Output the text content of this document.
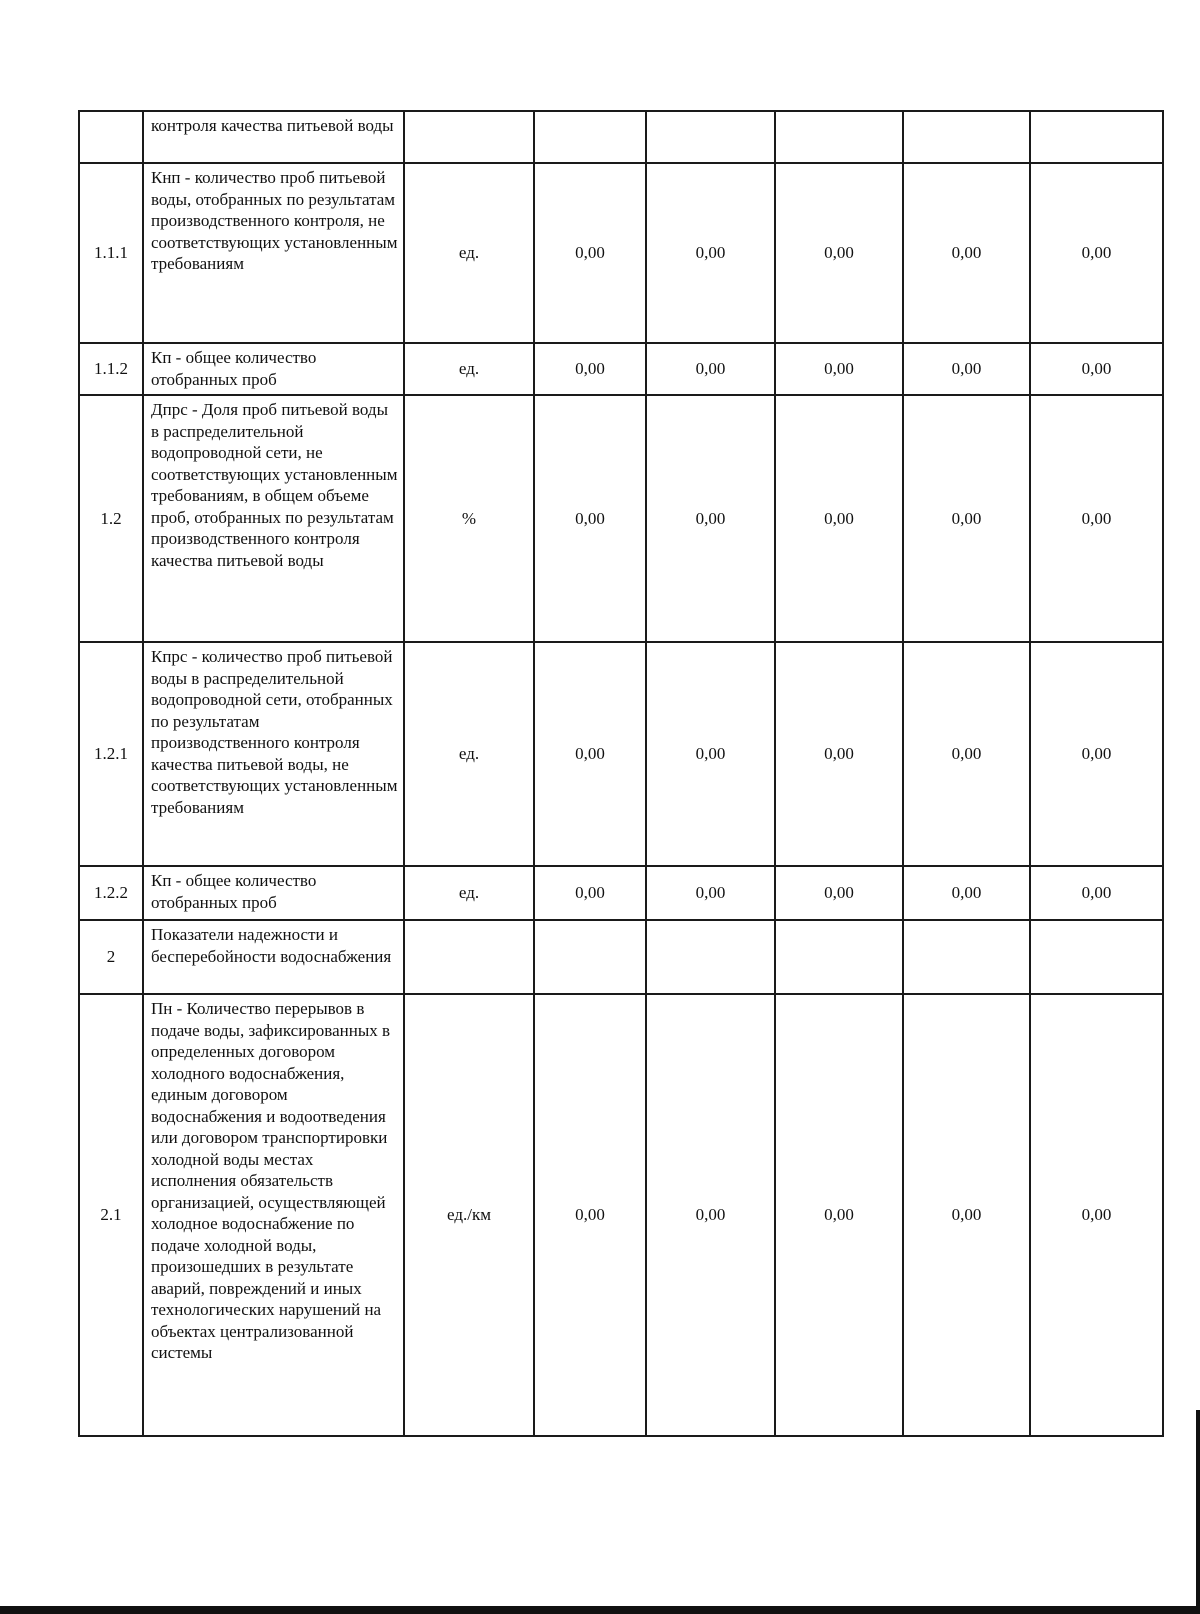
	контроля качества питьевой воды						
1.1.1	Кнп - количество проб питьевой воды, отобранных по результатам производственного контроля, не соответствующих установленным требованиям	ед.	0,00	0,00	0,00	0,00	0,00
1.1.2	Кп - общее количество отобранных проб	ед.	0,00	0,00	0,00	0,00	0,00
1.2	Дпрс - Доля проб питьевой воды в распределительной водопроводной сети, не соответствующих установленным требованиям, в общем объеме проб, отобранных по результатам производственного контроля качества питьевой воды	%	0,00	0,00	0,00	0,00	0,00
1.2.1	Кпрс - количество проб питьевой воды в распределительной водопроводной сети, отобранных по результатам производственного контроля качества питьевой воды, не соответствующих установленным требованиям	ед.	0,00	0,00	0,00	0,00	0,00
1.2.2	Кп - общее количество отобранных проб	ед.	0,00	0,00	0,00	0,00	0,00
2	Показатели надежности и бесперебойности водоснабжения						
2.1	Пн - Количество перерывов в подаче воды, зафиксированных в определенных договором холодного водоснабжения, единым договором водоснабжения и водоотведения или договором транспортировки холодной воды местах исполнения обязательств организацией, осуществляющей холодное водоснабжение по подаче холодной воды, произошедших в результате аварий, повреждений и иных технологических нарушений на объектах централизованной системы	ед./км	0,00	0,00	0,00	0,00	0,00
